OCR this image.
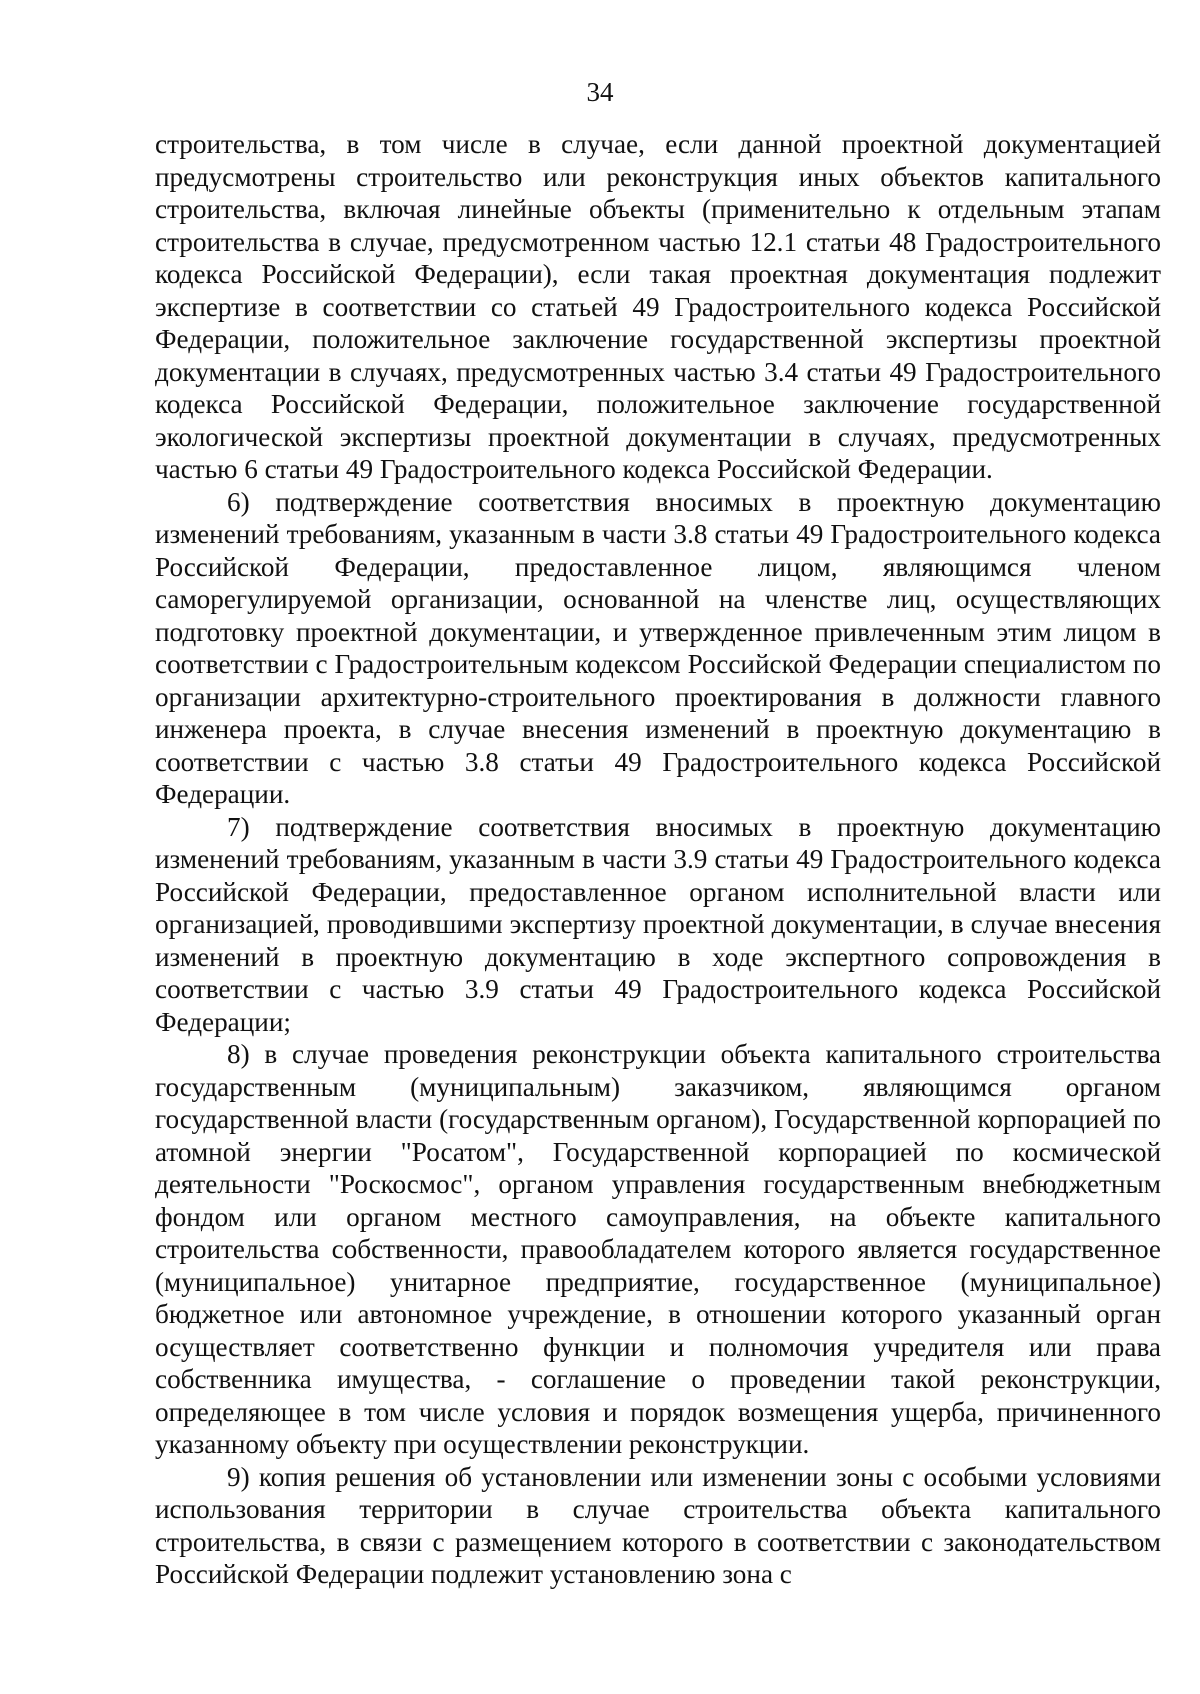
34

строительства, в том числе в случае, если данной проектной документацией предусмотрены строительство или реконструкция иных объектов капитального строительства, включая линейные объекты (применительно к отдельным этапам строительства в случае, предусмотренном частью 12.1 статьи 48 Градостроительного кодекса Российской Федерации), если такая проектная документация подлежит экспертизе в соответствии со статьей 49 Градостроительного кодекса Российской Федерации, положительное заключение государственной экспертизы проектной документации в случаях, предусмотренных частью 3.4 статьи 49 Градостроительного кодекса Российской Федерации, положительное заключение государственной экологической экспертизы проектной документации в случаях, предусмотренных частью 6 статьи 49 Градостроительного кодекса Российской Федерации.

6) подтверждение соответствия вносимых в проектную документацию изменений требованиям, указанным в части 3.8 статьи 49 Градостроительного кодекса Российской Федерации, предоставленное лицом, являющимся членом саморегулируемой организации, основанной на членстве лиц, осуществляющих подготовку проектной документации, и утвержденное привлеченным этим лицом в соответствии с Градостроительным кодексом Российской Федерации специалистом по организации архитектурно-строительного проектирования в должности главного инженера проекта, в случае внесения изменений в проектную документацию в соответствии с частью 3.8 статьи 49 Градостроительного кодекса Российской Федерации.

7) подтверждение соответствия вносимых в проектную документацию изменений требованиям, указанным в части 3.9 статьи 49 Градостроительного кодекса Российской Федерации, предоставленное органом исполнительной власти или организацией, проводившими экспертизу проектной документации, в случае внесения изменений в проектную документацию в ходе экспертного сопровождения в соответствии с частью 3.9 статьи 49 Градостроительного кодекса Российской Федерации;

8) в случае проведения реконструкции объекта капитального строительства государственным (муниципальным) заказчиком, являющимся органом государственной власти (государственным органом), Государственной корпорацией по атомной энергии "Росатом", Государственной корпорацией по космической деятельности "Роскосмос", органом управления государственным внебюджетным фондом или органом местного самоуправления, на объекте капитального строительства собственности, правообладателем которого является государственное (муниципальное) унитарное предприятие, государственное (муниципальное) бюджетное или автономное учреждение, в отношении которого указанный орган осуществляет соответственно функции и полномочия учредителя или права собственника имущества, - соглашение о проведении такой реконструкции, определяющее в том числе условия и порядок возмещения ущерба, причиненного указанному объекту при осуществлении реконструкции.

9) копия решения об установлении или изменении зоны с особыми условиями использования территории в случае строительства объекта капитального строительства, в связи с размещением которого в соответствии с законодательством Российской Федерации подлежит установлению зона с
